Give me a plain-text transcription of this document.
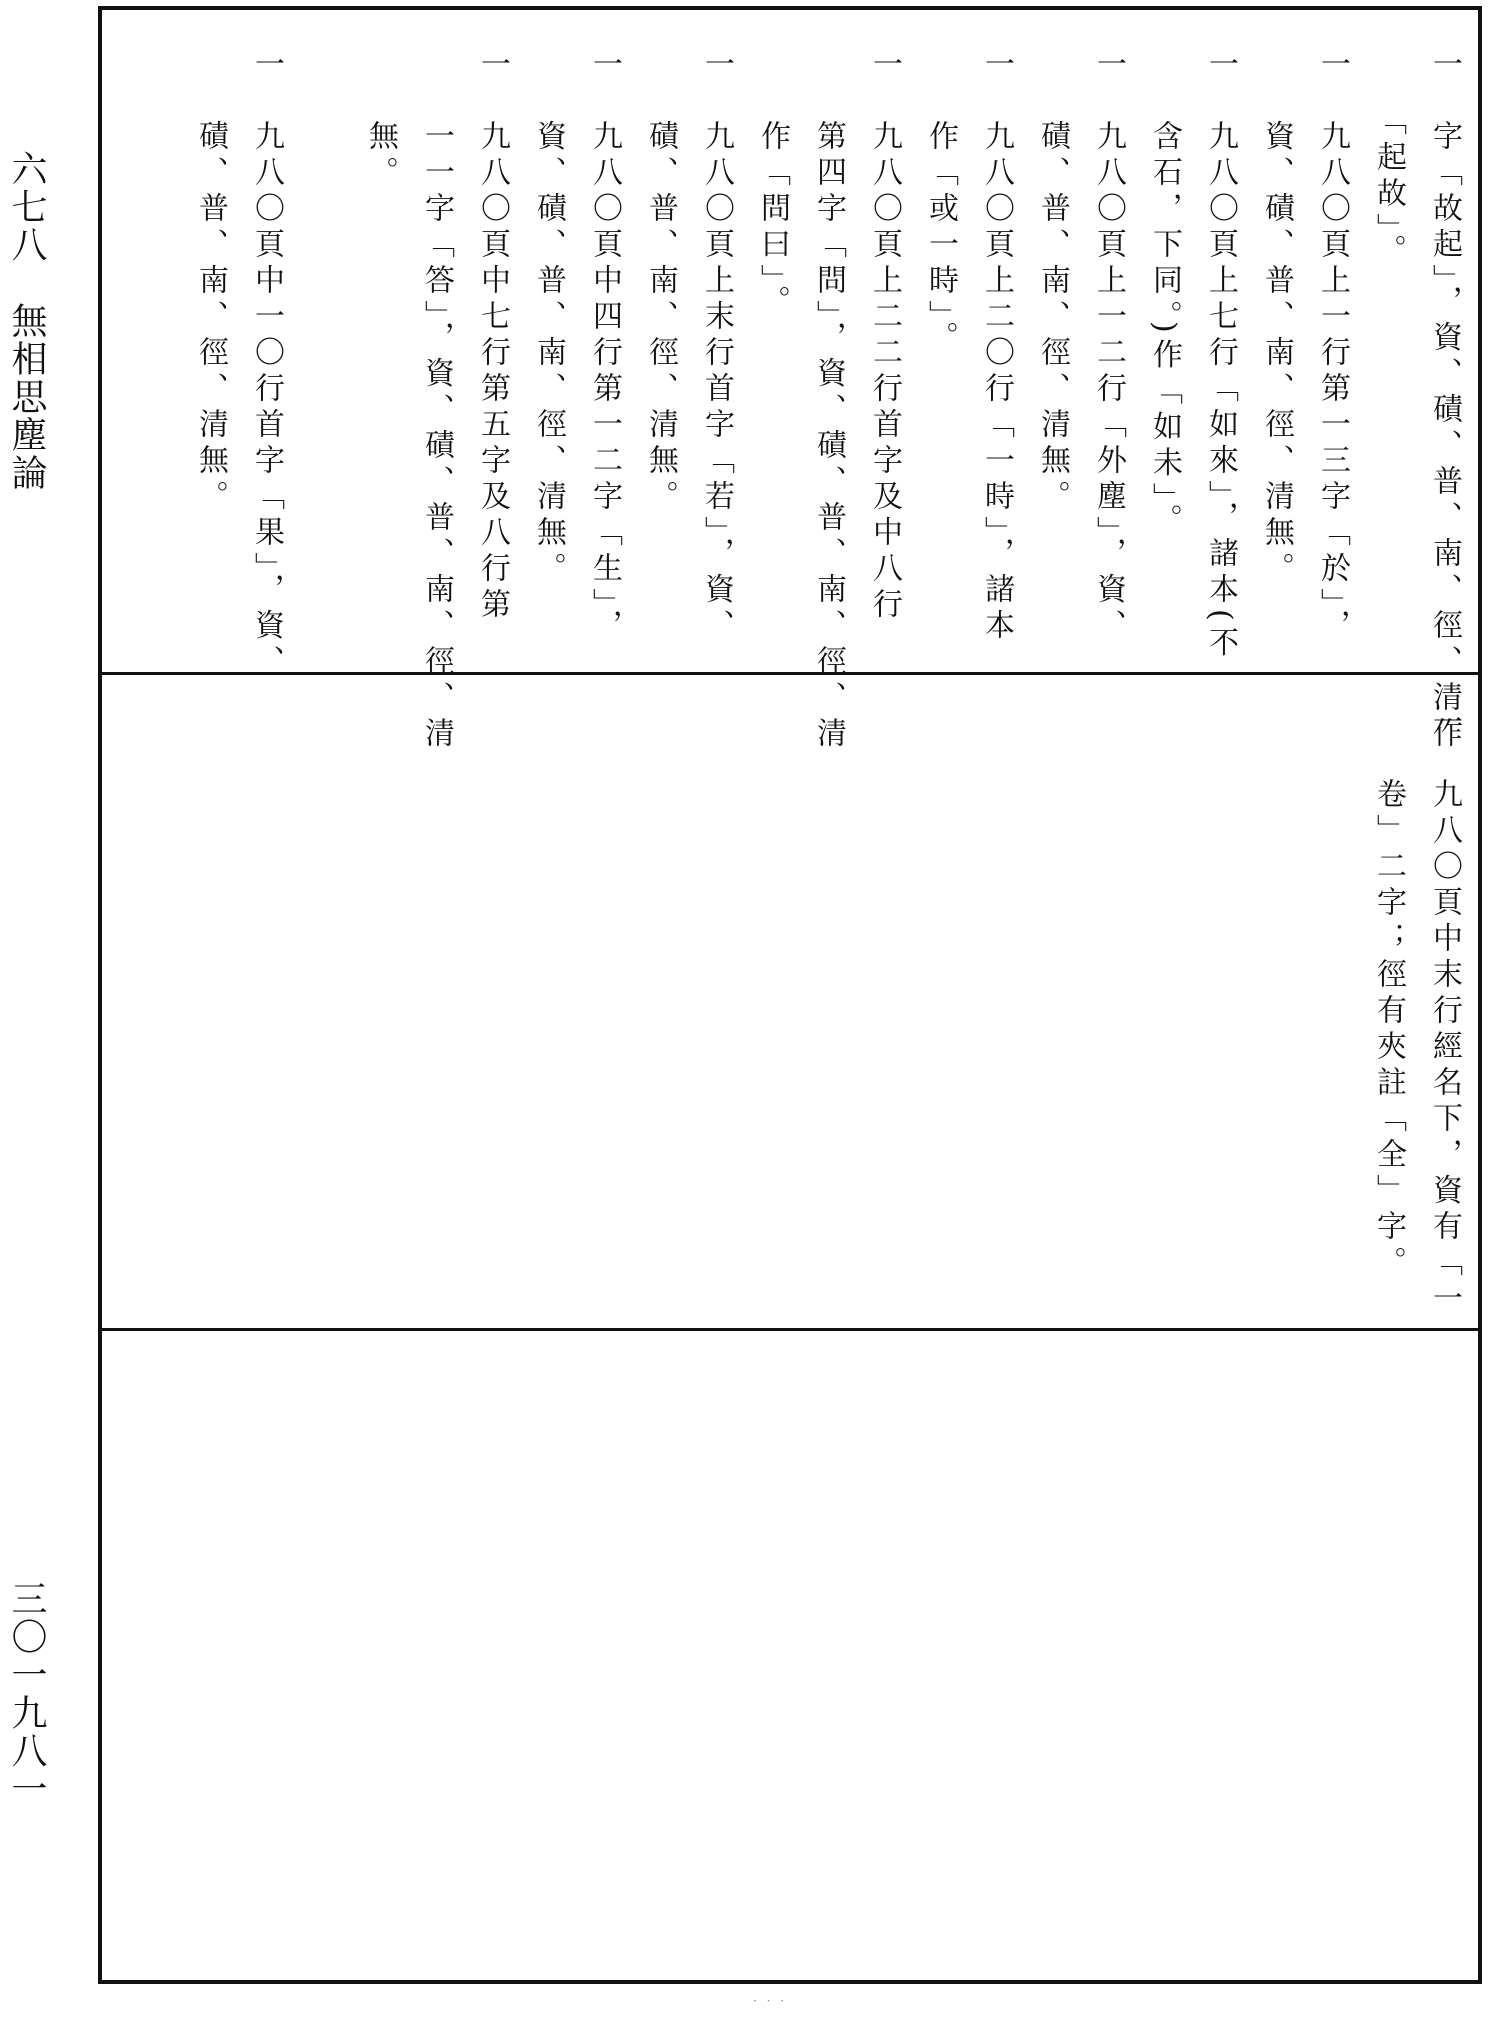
六七八　無相思塵論
三〇一九八一
一　字「故起」，資、磧、普、南、徑、清作
　　「起故」。
一　九八〇頁上一行第一三字「於」，
　　資、磧、普、南、徑、清無。
一　九八〇頁上七行「如來」，諸本(不
　　含石，下同。)作「如未」。
一　九八〇頁上一二行「外塵」，資、
　　磧、普、南、徑、清無。
一　九八〇頁上二〇行「一時」，諸本
　　作「或一時」。
一　九八〇頁上二二行首字及中八行
　　第四字「問」，資、磧、普、南、徑、清
　　作「問曰」。
一　九八〇頁上末行首字「若」，資、
　　磧、普、南、徑、清無。
一　九八〇頁中四行第一二字「生」，
　　資、磧、普、南、徑、清無。
一　九八〇頁中七行第五字及八行第
　　一一字「答」，資、磧、普、南、徑、清
　　無。
一　九八〇頁中一〇行首字「果」，資、
　　磧、普、南、徑、清無。
一　九八〇頁中末行經名下，資有「一
　　卷」二字；徑有夾註「全」字。
· · ·
